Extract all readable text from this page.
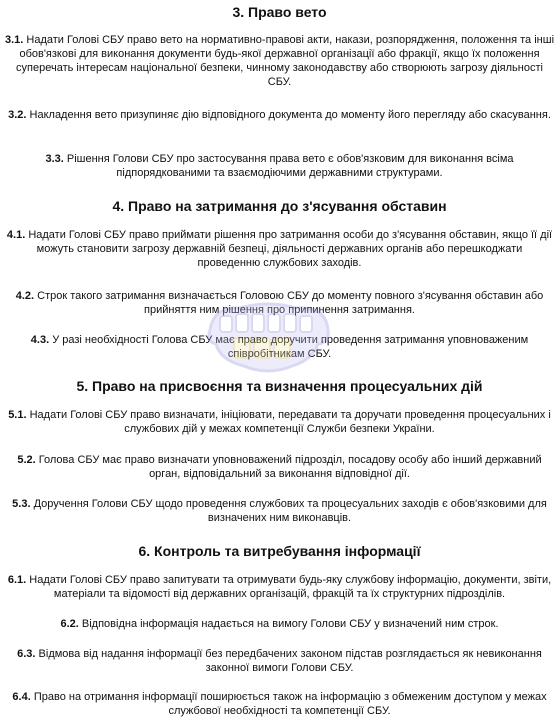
3. Право вето

3.1. Надати Голові СБУ право вето на нормативно-правові акти, накази, розпорядження, положення та інші обов'язкові для виконання документи будь-якої державної організації або фракції, якщо їх положення суперечать інтересам національної безпеки, чинному законодавству або створюють загрозу діяльності СБУ.

3.2. Накладення вето призупиняє дію відповідного документа до моменту його перегляду або скасування.

3.3. Рішення Голови СБУ про застосування права вето є обов'язковим для виконання всіма підпорядкованими та взаємодіючими державними структурами.

4. Право на затримання до з'ясування обставин

4.1. Надати Голові СБУ право приймати рішення про затримання особи до з'ясування обставин, якщо її дії можуть становити загрозу державній безпеці, діяльності державних органів або перешкоджати проведенню службових заходів.

4.2. Строк такого затримання визначається Головою СБУ до моменту повного з'ясування обставин або прийняття ним рішення про припинення затримання.

4.3. У разі необхідності Голова СБУ має право доручити проведення затримання уповноваженим співробітникам СБУ.

5. Право на присвоєння та визначення процесуальних дій

5.1. Надати Голові СБУ право визначати, ініціювати, передавати та доручати проведення процесуальних і службових дій у межах компетенції Служби безпеки України.

5.2. Голова СБУ має право визначати уповноважений підрозділ, посадову особу або інший державний орган, відповідальний за виконання відповідної дії.

5.3. Доручення Голови СБУ щодо проведення службових та процесуальних заходів є обов'язковими для визначених ним виконавців.

6. Контроль та витребування інформації

6.1. Надати Голові СБУ право запитувати та отримувати будь-яку службову інформацію, документи, звіти, матеріали та відомості від державних організацій, фракцій та їх структурних підрозділів.

6.2. Відповідна інформація надається на вимогу Голови СБУ у визначений ним строк.

6.3. Відмова від надання інформації без передбачених законом підстав розглядається як невиконання законної вимоги Голови СБУ.

6.4. Право на отримання інформації поширюється також на інформацію з обмеженим доступом у межах службової необхідності та компетенції СБУ.
